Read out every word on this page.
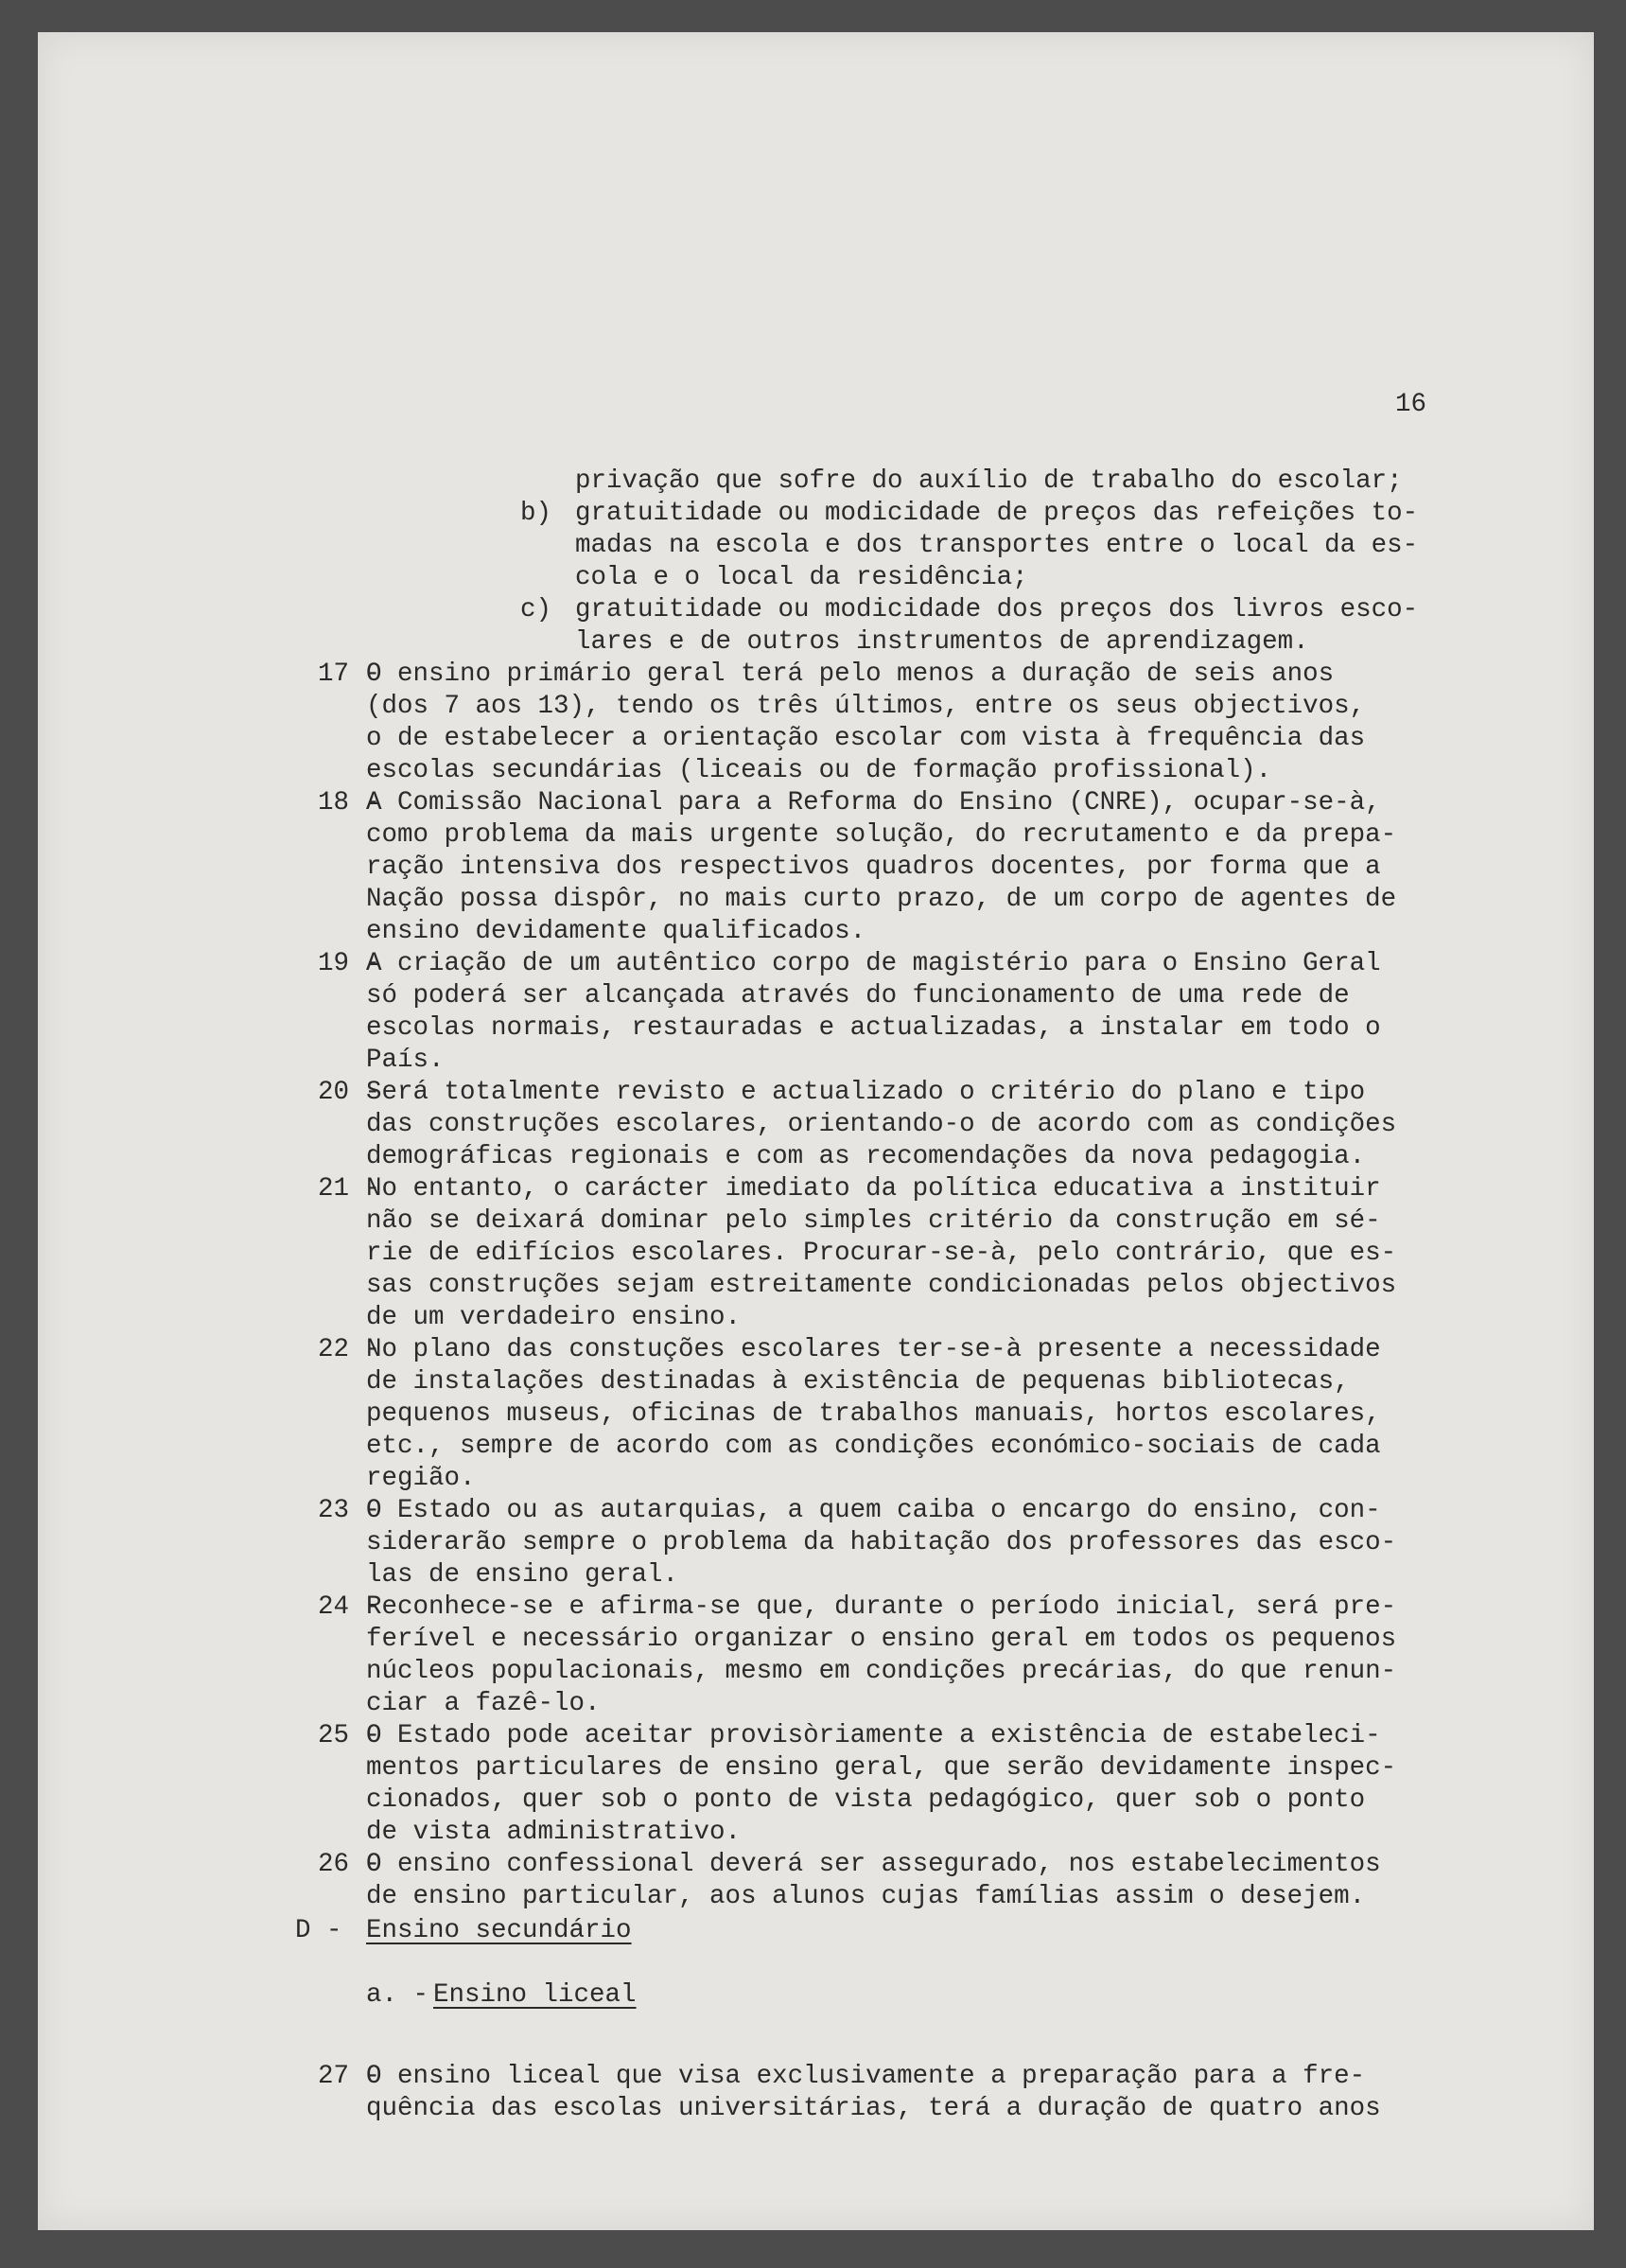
16
privação que sofre do auxílio de trabalho do escolar;
b) gratuitidade ou modicidade de preços das refeições to-
madas na escola e dos transportes entre o local da es-
cola e o local da residência;
c) gratuitidade ou modicidade dos preços dos livros esco-
lares e de outros instrumentos de aprendizagem.
17 -
O ensino primário geral terá pelo menos a duração de seis anos
(dos 7 aos 13), tendo os três últimos, entre os seus objectivos,
o de estabelecer a orientação escolar com vista à frequência das
escolas secundárias (liceais ou de formação profissional).
18 -
A Comissão Nacional para a Reforma do Ensino (CNRE), ocupar-se-à,
como problema da mais urgente solução, do recrutamento e da prepa-
ração intensiva dos respectivos quadros docentes, por forma que a
Nação possa dispôr, no mais curto prazo, de um corpo de agentes de
ensino devidamente qualificados.
19 -
A criação de um autêntico corpo de magistério para o Ensino Geral
só poderá ser alcançada através do funcionamento de uma rede de
escolas normais, restauradas e actualizadas, a instalar em todo o
País.
20 -
Será totalmente revisto e actualizado o critério do plano e tipo
das construções escolares, orientando-o de acordo com as condições
demográficas regionais e com as recomendações da nova pedagogia.
21 -
No entanto, o carácter imediato da política educativa a instituir
não se deixará dominar pelo simples critério da construção em sé-
rie de edifícios escolares. Procurar-se-à, pelo contrário, que es-
sas construções sejam estreitamente condicionadas pelos objectivos
de um verdadeiro ensino.
22 -
No plano das constuções escolares ter-se-à presente a necessidade
de instalações destinadas à existência de pequenas bibliotecas,
pequenos museus, oficinas de trabalhos manuais, hortos escolares,
etc., sempre de acordo com as condições económico-sociais de cada
região.
23 -
O Estado ou as autarquias, a quem caiba o encargo do ensino, con-
siderarão sempre o problema da habitação dos professores das esco-
las de ensino geral.
24 -
Reconhece-se e afirma-se que, durante o período inicial, será pre-
ferível e necessário organizar o ensino geral em todos os pequenos
núcleos populacionais, mesmo em condições precárias, do que renun-
ciar a fazê-lo.
25 -
O Estado pode aceitar provisòriamente a existência de estabeleci-
mentos particulares de ensino geral, que serão devidamente inspec-
cionados, quer sob o ponto de vista pedagógico, quer sob o ponto
de vista administrativo.
26 -
O ensino confessional deverá ser assegurado, nos estabelecimentos
de ensino particular, aos alunos cujas famílias assim o desejem.
D - Ensino secundário
a. -
Ensino liceal
27 -
O ensino liceal que visa exclusivamente a preparação para a fre-
quência das escolas universitárias, terá a duração de quatro anos
